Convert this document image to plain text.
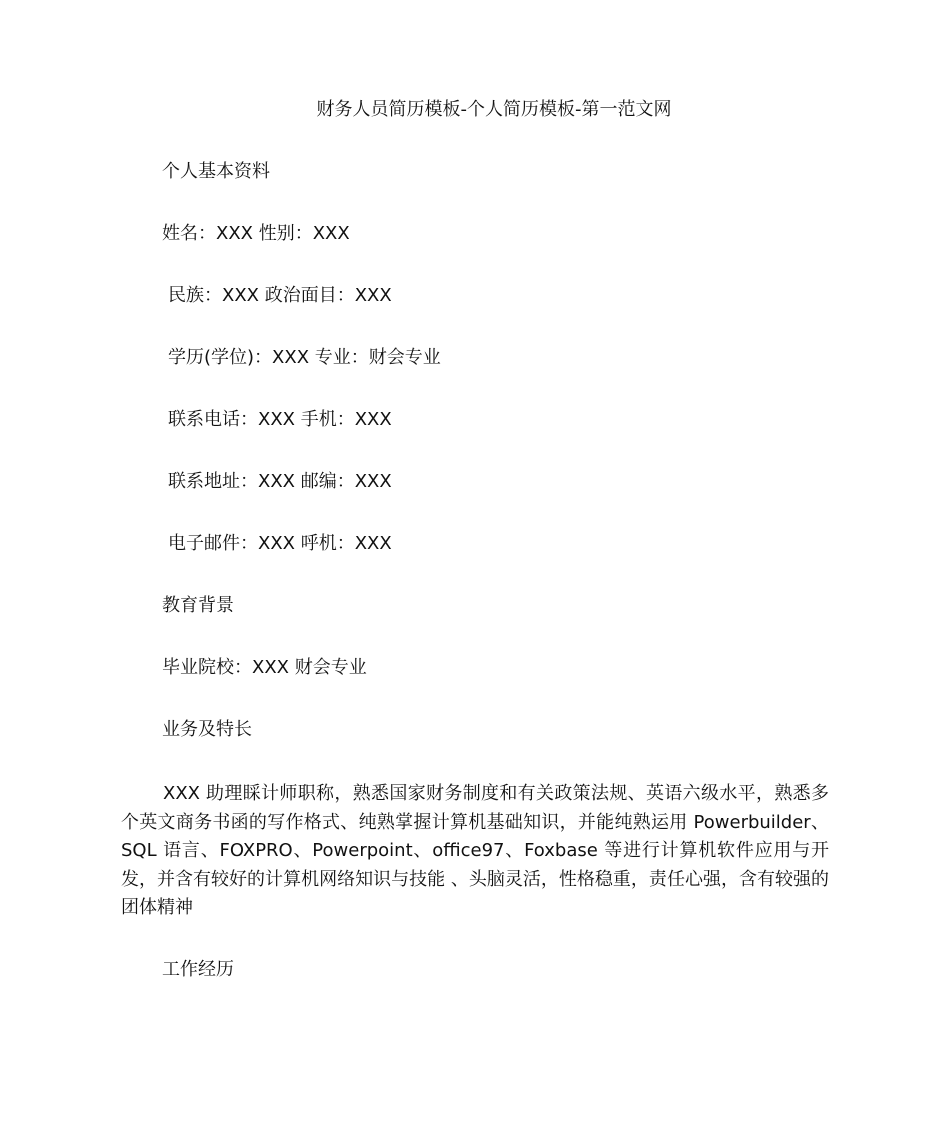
财务人员简历模板-个人简历模板-第一范文网
个人基本资料
姓名：XXX 性别：XXX
民族：XXX 政治面目：XXX
学历(学位)：XXX 专业：财会专业
联系电话：XXX 手机：XXX
联系地址：XXX 邮编：XXX
电子邮件：XXX 呼机：XXX
教育背景
毕业院校：XXX 财会专业
业务及特长
XXX 助理睬计师职称，熟悉国家财务制度和有关政策法规、英语六级水平，熟悉多个英文商务书函的写作格式、纯熟掌握计算机基础知识，并能纯熟运用 Powerbuilder、SQL 语言、FOXPRO、Powerpoint、office97、Foxbase 等进行计算机软件应用与开发，并含有较好的计算机网络知识与技能 、头脑灵活，性格稳重，责任心强，含有较强的团体精神
工作经历
